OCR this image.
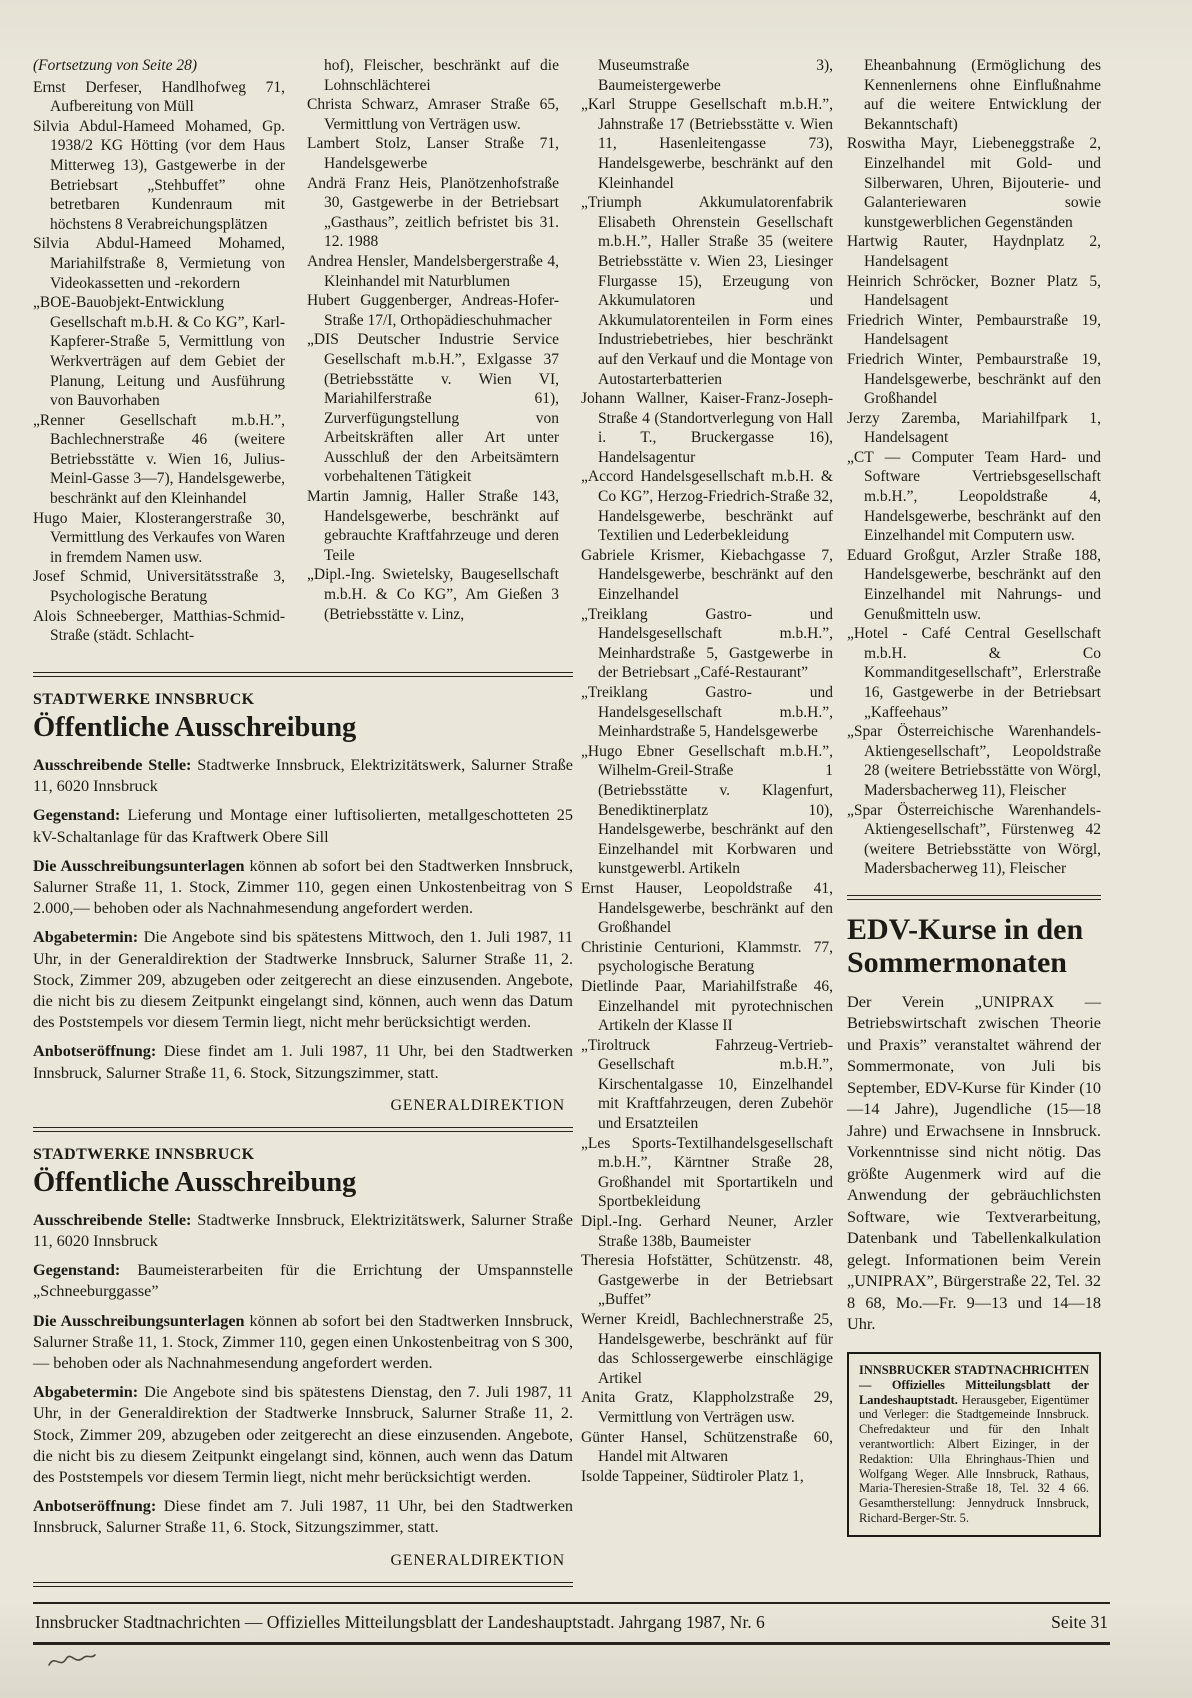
(Fortsetzung von Seite 28)

Ernst Derfeser, Handlhofweg 71, Aufbereitung von Müll

Silvia Abdul-Hameed Mohamed, Gp. 1938/2 KG Hötting (vor dem Haus Mitterweg 13), Gastgewerbe in der Betriebsart „Stehbuffet” ohne betretbaren Kundenraum mit höchstens 8 Verabreichungsplätzen

Silvia Abdul-Hameed Mohamed, Mariahilfstraße 8, Vermietung von Videokassetten und -rekordern

„BOE-Bauobjekt-Entwicklung Gesellschaft m.b.H. & Co KG”, Karl-Kapferer-Straße 5, Vermittlung von Werkverträgen auf dem Gebiet der Planung, Leitung und Ausführung von Bauvorhaben

„Renner Gesellschaft m.b.H.”, Bachlechnerstraße 46 (weitere Betriebsstätte v. Wien 16, Julius-Meinl-Gasse 3—7), Handelsgewerbe, beschränkt auf den Kleinhandel

Hugo Maier, Klosterangerstraße 30, Vermittlung des Verkaufes von Waren in fremdem Namen usw.

Josef Schmid, Universitätsstraße 3, Psychologische Beratung

Alois Schneeberger, Matthias-Schmid-Straße (städt. Schlacht-

hof), Fleischer, beschränkt auf die Lohnschlächterei

Christa Schwarz, Amraser Straße 65, Vermittlung von Verträgen usw.

Lambert Stolz, Lanser Straße 71, Handelsgewerbe

Andrä Franz Heis, Planötzenhofstraße 30, Gastgewerbe in der Betriebsart „Gasthaus”, zeitlich befristet bis 31. 12. 1988

Andrea Hensler, Mandelsbergerstraße 4, Kleinhandel mit Naturblumen

Hubert Guggenberger, Andreas-Hofer-Straße 17/I, Orthopädieschuhmacher

„DIS Deutscher Industrie Service Gesellschaft m.b.H.”, Exlgasse 37 (Betriebsstätte v. Wien VI, Mariahilferstraße 61), Zurverfügungstellung von Arbeitskräften aller Art unter Ausschluß der den Arbeitsämtern vorbehaltenen Tätigkeit

Martin Jamnig, Haller Straße 143, Handelsgewerbe, beschränkt auf gebrauchte Kraftfahrzeuge und deren Teile

„Dipl.-Ing. Swietelsky, Baugesellschaft m.b.H. & Co KG”, Am Gießen 3 (Betriebsstätte v. Linz,

Museumstraße 3), Baumeistergewerbe

„Karl Struppe Gesellschaft m.b.H.”, Jahnstraße 17 (Betriebsstätte v. Wien 11, Hasenleitengasse 73), Handelsgewerbe, beschränkt auf den Kleinhandel

„Triumph Akkumulatorenfabrik Elisabeth Ohrenstein Gesellschaft m.b.H.”, Haller Straße 35 (weitere Betriebsstätte v. Wien 23, Liesinger Flurgasse 15), Erzeugung von Akkumulatoren und Akkumulatorenteilen in Form eines Industriebetriebes, hier beschränkt auf den Verkauf und die Montage von Autostarterbatterien

Johann Wallner, Kaiser-Franz-Joseph-Straße 4 (Standortverlegung von Hall i. T., Bruckergasse 16), Handelsagentur

„Accord Handelsgesellschaft m.b.H. & Co KG”, Herzog-Friedrich-Straße 32, Handelsgewerbe, beschränkt auf Textilien und Lederbekleidung

Gabriele Krismer, Kiebachgasse 7, Handelsgewerbe, beschränkt auf den Einzelhandel

„Treiklang Gastro- und Handelsgesellschaft m.b.H.”, Meinhardstraße 5, Gastgewerbe in der Betriebsart „Café-Restaurant”

„Treiklang Gastro- und Handelsgesellschaft m.b.H.”, Meinhardstraße 5, Handelsgewerbe

„Hugo Ebner Gesellschaft m.b.H.”, Wilhelm-Greil-Straße 1 (Betriebsstätte v. Klagenfurt, Benediktinerplatz 10), Handelsgewerbe, beschränkt auf den Einzelhandel mit Korbwaren und kunstgewerbl. Artikeln

Ernst Hauser, Leopoldstraße 41, Handelsgewerbe, beschränkt auf den Großhandel

Christinie Centurioni, Klammstr. 77, psychologische Beratung

Dietlinde Paar, Mariahilfstraße 46, Einzelhandel mit pyrotechnischen Artikeln der Klasse II

„Tiroltruck Fahrzeug-Vertrieb-Gesellschaft m.b.H.”, Kirschentalgasse 10, Einzelhandel mit Kraftfahrzeugen, deren Zubehör und Ersatzteilen

„Les Sports-Textilhandelsgesellschaft m.b.H.”, Kärntner Straße 28, Großhandel mit Sportartikeln und Sportbekleidung

Dipl.-Ing. Gerhard Neuner, Arzler Straße 138b, Baumeister

Theresia Hofstätter, Schützenstr. 48, Gastgewerbe in der Betriebsart „Buffet”

Werner Kreidl, Bachlechnerstraße 25, Handelsgewerbe, beschränkt auf für das Schlossergewerbe einschlägige Artikel

Anita Gratz, Klappholzstraße 29, Vermittlung von Verträgen usw.

Günter Hansel, Schützenstraße 60, Handel mit Altwaren

Isolde Tappeiner, Südtiroler Platz 1,

Eheanbahnung (Ermöglichung des Kennenlernens ohne Einflußnahme auf die weitere Entwicklung der Bekanntschaft)

Roswitha Mayr, Liebeneggstraße 2, Einzelhandel mit Gold- und Silberwaren, Uhren, Bijouterie- und Galanteriewaren sowie kunstgewerblichen Gegenständen

Hartwig Rauter, Haydnplatz 2, Handelsagent

Heinrich Schröcker, Bozner Platz 5, Handelsagent

Friedrich Winter, Pembaurstraße 19, Handelsagent

Friedrich Winter, Pembaurstraße 19, Handelsgewerbe, beschränkt auf den Großhandel

Jerzy Zaremba, Mariahilfpark 1, Handelsagent

„CT — Computer Team Hard- und Software Vertriebsgesellschaft m.b.H.”, Leopoldstraße 4, Handelsgewerbe, beschränkt auf den Einzelhandel mit Computern usw.

Eduard Großgut, Arzler Straße 188, Handelsgewerbe, beschränkt auf den Einzelhandel mit Nahrungs- und Genußmitteln usw.

„Hotel - Café Central Gesellschaft m.b.H. & Co Kommanditgesellschaft”, Erlerstraße 16, Gastgewerbe in der Betriebsart „Kaffeehaus”

„Spar Österreichische Warenhandels-Aktiengesellschaft”, Leopoldstraße 28 (weitere Betriebsstätte von Wörgl, Madersbacherweg 11), Fleischer

„Spar Österreichische Warenhandels-Aktiengesellschaft”, Fürstenweg 42 (weitere Betriebsstätte von Wörgl, Madersbacherweg 11), Fleischer

EDV-Kurse in den Sommermonaten

Der Verein „UNIPRAX — Betriebswirtschaft zwischen Theorie und Praxis” veranstaltet während der Sommermonate, von Juli bis September, EDV-Kurse für Kinder (10—14 Jahre), Jugendliche (15—18 Jahre) und Erwachsene in Innsbruck. Vorkenntnisse sind nicht nötig. Das größte Augenmerk wird auf die Anwendung der gebräuchlichsten Software, wie Textverarbeitung, Datenbank und Tabellenkalkulation gelegt. Informationen beim Verein „UNIPRAX”, Bürgerstraße 22, Tel. 32 8 68, Mo.—Fr. 9—13 und 14—18 Uhr.

INNSBRUCKER STADTNACHRICHTEN — Offizielles Mitteilungsblatt der Landeshauptstadt. Herausgeber, Eigentümer und Verleger: die Stadtgemeinde Innsbruck. Chefredakteur und für den Inhalt verantwortlich: Albert Eizinger, in der Redaktion: Ulla Ehringhaus-Thien und Wolfgang Weger. Alle Innsbruck, Rathaus, Maria-Theresien-Straße 18, Tel. 32 4 66. Gesamtherstellung: Jennydruck Innsbruck, Richard-Berger-Str. 5.

STADTWERKE INNSBRUCK

Öffentliche Ausschreibung

Ausschreibende Stelle: Stadtwerke Innsbruck, Elektrizitätswerk, Salurner Straße 11, 6020 Innsbruck

Gegenstand: Lieferung und Montage einer luftisolierten, metallgeschotteten 25 kV-Schaltanlage für das Kraftwerk Obere Sill

Die Ausschreibungsunterlagen können ab sofort bei den Stadtwerken Innsbruck, Salurner Straße 11, 1. Stock, Zimmer 110, gegen einen Unkostenbeitrag von S 2.000,— behoben oder als Nachnahmesendung angefordert werden.

Abgabetermin: Die Angebote sind bis spätestens Mittwoch, den 1. Juli 1987, 11 Uhr, in der Generaldirektion der Stadtwerke Innsbruck, Salurner Straße 11, 2. Stock, Zimmer 209, abzugeben oder zeitgerecht an diese einzusenden. Angebote, die nicht bis zu diesem Zeitpunkt eingelangt sind, können, auch wenn das Datum des Poststempels vor diesem Termin liegt, nicht mehr berücksichtigt werden.

Anbotseröffnung: Diese findet am 1. Juli 1987, 11 Uhr, bei den Stadtwerken Innsbruck, Salurner Straße 11, 6. Stock, Sitzungszimmer, statt.

GENERALDIREKTION

STADTWERKE INNSBRUCK

Öffentliche Ausschreibung

Ausschreibende Stelle: Stadtwerke Innsbruck, Elektrizitätswerk, Salurner Straße 11, 6020 Innsbruck

Gegenstand: Baumeisterarbeiten für die Errichtung der Umspannstelle „Schneeburggasse”

Die Ausschreibungsunterlagen können ab sofort bei den Stadtwerken Innsbruck, Salurner Straße 11, 1. Stock, Zimmer 110, gegen einen Unkostenbeitrag von S 300,— behoben oder als Nachnahmesendung angefordert werden.

Abgabetermin: Die Angebote sind bis spätestens Dienstag, den 7. Juli 1987, 11 Uhr, in der Generaldirektion der Stadtwerke Innsbruck, Salurner Straße 11, 2. Stock, Zimmer 209, abzugeben oder zeitgerecht an diese einzusenden. Angebote, die nicht bis zu diesem Zeitpunkt eingelangt sind, können, auch wenn das Datum des Poststempels vor diesem Termin liegt, nicht mehr berücksichtigt werden.

Anbotseröffnung: Diese findet am 7. Juli 1987, 11 Uhr, bei den Stadtwerken Innsbruck, Salurner Straße 11, 6. Stock, Sitzungszimmer, statt.

GENERALDIREKTION

Innsbrucker Stadtnachrichten — Offizielles Mitteilungsblatt der Landeshauptstadt. Jahrgang 1987, Nr. 6	Seite 31
